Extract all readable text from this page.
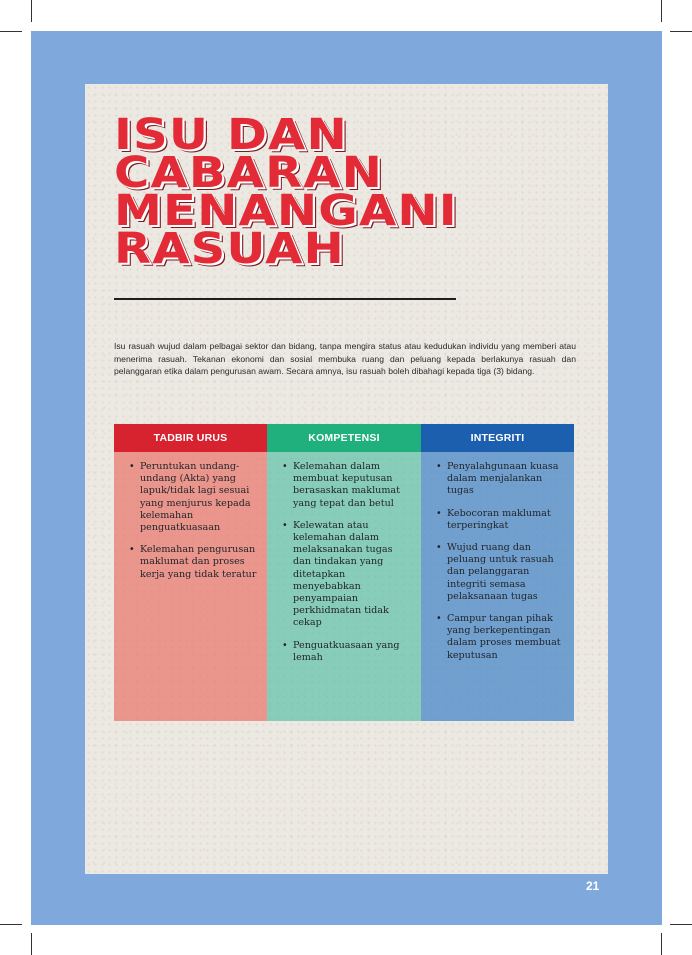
ISU DAN
CABARAN
MENANGANI
RASUAH

Isu rasuah wujud dalam pelbagai sektor dan bidang, tanpa mengira status atau kedudukan individu yang memberi atau menerima rasuah. Tekanan ekonomi dan sosial membuka ruang dan peluang kepada berlakunya rasuah dan pelanggaran etika dalam pengurusan awam. Secara amnya, isu rasuah boleh dibahagi kepada tiga (3) bidang.

TADBIR URUS
• Peruntukan undang-undang (Akta) yang lapuk/tidak lagi sesuai yang menjurus kepada kelemahan penguatkuasaan
• Kelemahan pengurusan maklumat dan proses kerja yang tidak teratur
KOMPETENSI
• Kelemahan dalam membuat keputusan berasaskan maklumat yang tepat dan betul
• Kelewatan atau kelemahan dalam melaksanakan tugas dan tindakan yang ditetapkan menyebabkan penyampaian perkhidmatan tidak cekap
• Penguatkuasaan yang lemah
INTEGRITI
• Penyalahgunaan kuasa dalam menjalankan tugas
• Kebocoran maklumat terperingkat
• Wujud ruang dan peluang untuk rasuah dan pelanggaran integriti semasa pelaksanaan tugas
• Campur tangan pihak yang berkepentingan dalam proses membuat keputusan
21
